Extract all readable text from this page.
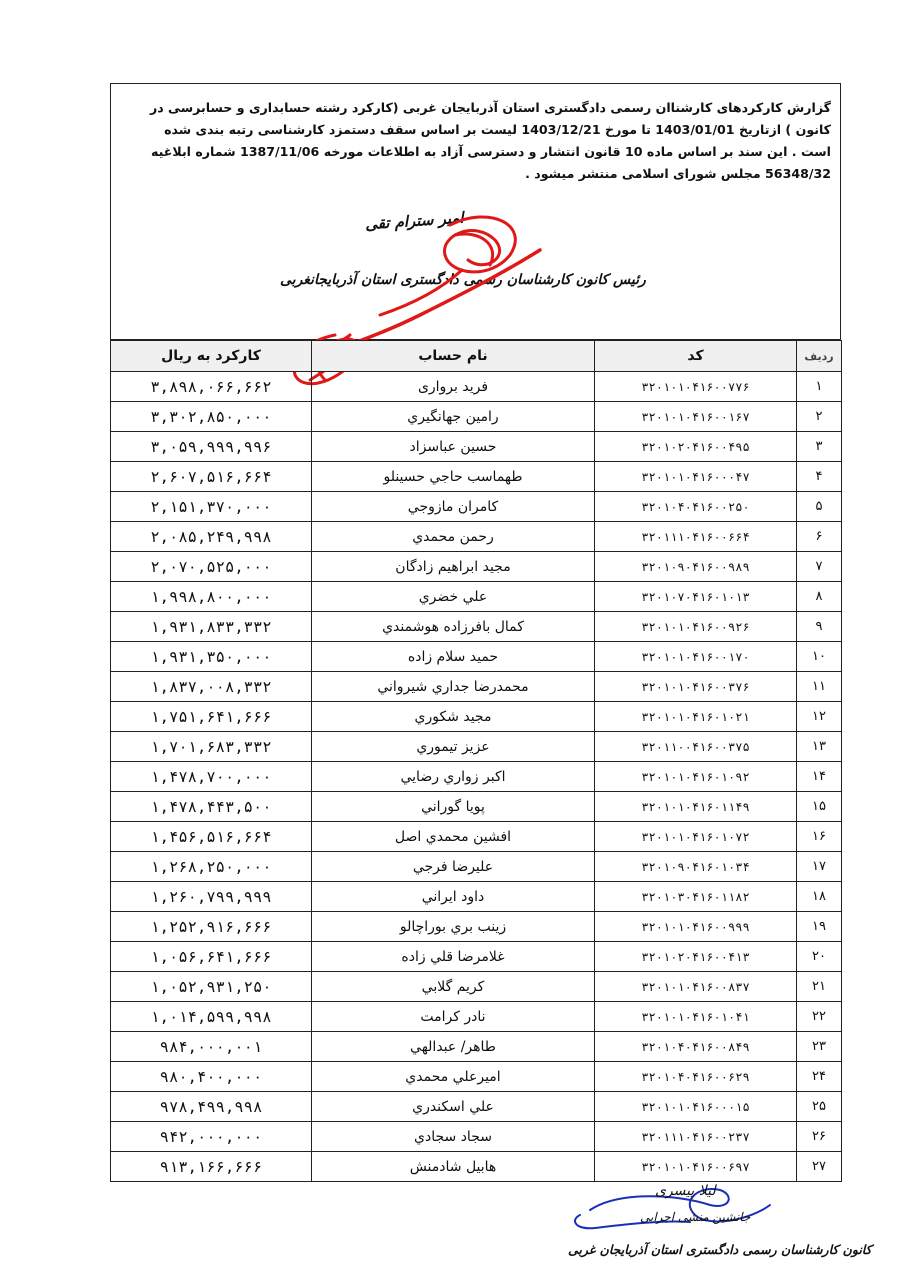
گزارش کارکردهای کارشناان رسمی دادگستری استان آذربایجان غربی (کارکرد رشته حسابداری و حسابرسی در

کانون ) ازتاریخ 1403/01/01 تا مورخ 1403/12/21 لیست بر اساس سقف دستمزد کارشناسی رتبه بندی شده

است . این سند بر اساس ماده 10 قانون انتشار و دسترسی آزاد به اطلاعات مورخه 1387/11/06 شماره ابلاغیه

56348/32 مجلس شورای اسلامی منتشر میشود .

امیر سترام تقی
رئیس کانون کارشناسان رسمی دادگستری استان آذربایجانغربی
کارکرد به ریال	نام حساب	کد	ردیف
۳,۸۹۸,۰۶۶,۶۶۲	فريد بروارى	۳۲۰۱۰۱۰۴۱۶۰۰۷۷۶	۱
۳,۳۰۲,۸۵۰,۰۰۰	رامين جهانگيري	۳۲۰۱۰۱۰۴۱۶۰۰۱۶۷	۲
۳,۰۵۹,۹۹۹,۹۹۶	حسين عباسزاد	۳۲۰۱۰۲۰۴۱۶۰۰۴۹۵	۳
۲,۶۰۷,۵۱۶,۶۶۴	طهماسب حاجي حسينلو	۳۲۰۱۰۱۰۴۱۶۰۰۰۴۷	۴
۲,۱۵۱,۳۷۰,۰۰۰	كامران مازوجي	۳۲۰۱۰۴۰۴۱۶۰۰۲۵۰	۵
۲,۰۸۵,۲۴۹,۹۹۸	رحمن محمدي	۳۲۰۱۱۱۰۴۱۶۰۰۶۶۴	۶
۲,۰۷۰,۵۲۵,۰۰۰	مجيد ابراهيم زادگان	۳۲۰۱۰۹۰۴۱۶۰۰۹۸۹	۷
۱,۹۹۸,۸۰۰,۰۰۰	علي خضري	۳۲۰۱۰۷۰۴۱۶۰۱۰۱۳	۸
۱,۹۳۱,۸۳۳,۳۳۲	كمال بافرزاده هوشمندي	۳۲۰۱۰۱۰۴۱۶۰۰۹۲۶	۹
۱,۹۳۱,۳۵۰,۰۰۰	حميد سلام زاده	۳۲۰۱۰۱۰۴۱۶۰۰۱۷۰	۱۰
۱,۸۳۷,۰۰۸,۳۳۲	محمدرضا جداري شيرواني	۳۲۰۱۰۱۰۴۱۶۰۰۳۷۶	۱۱
۱,۷۵۱,۶۴۱,۶۶۶	مجيد شكوري	۳۲۰۱۰۱۰۴۱۶۰۱۰۲۱	۱۲
۱,۷۰۱,۶۸۳,۳۳۲	عزيز تيموري	۳۲۰۱۱۰۰۴۱۶۰۰۳۷۵	۱۳
۱,۴۷۸,۷۰۰,۰۰۰	اكبر زواري رضايي	۳۲۰۱۰۱۰۴۱۶۰۱۰۹۲	۱۴
۱,۴۷۸,۴۴۳,۵۰۰	پويا گوراني	۳۲۰۱۰۱۰۴۱۶۰۱۱۴۹	۱۵
۱,۴۵۶,۵۱۶,۶۶۴	افشين محمدي اصل	۳۲۰۱۰۱۰۴۱۶۰۱۰۷۲	۱۶
۱,۲۶۸,۲۵۰,۰۰۰	عليرضا فرجي	۳۲۰۱۰۹۰۴۱۶۰۱۰۳۴	۱۷
۱,۲۶۰,۷۹۹,۹۹۹	داود ايراني	۳۲۰۱۰۳۰۴۱۶۰۱۱۸۲	۱۸
۱,۲۵۲,۹۱۶,۶۶۶	زينب بري بوراچالو	۳۲۰۱۰۱۰۴۱۶۰۰۹۹۹	۱۹
۱,۰۵۶,۶۴۱,۶۶۶	غلامرضا قلي زاده	۳۲۰۱۰۲۰۴۱۶۰۰۴۱۳	۲۰
۱,۰۵۲,۹۳۱,۲۵۰	كريم گلابي	۳۲۰۱۰۱۰۴۱۶۰۰۸۳۷	۲۱
۱,۰۱۴,۵۹۹,۹۹۸	نادر كرامت	۳۲۰۱۰۱۰۴۱۶۰۱۰۴۱	۲۲
۹۸۴,۰۰۰,۰۰۱	طاهر/ عبدالهي	۳۲۰۱۰۴۰۴۱۶۰۰۸۴۹	۲۳
۹۸۰,۴۰۰,۰۰۰	اميرعلي محمدي	۳۲۰۱۰۴۰۴۱۶۰۰۶۲۹	۲۴
۹۷۸,۴۹۹,۹۹۸	علي اسكندري	۳۲۰۱۰۱۰۴۱۶۰۰۰۱۵	۲۵
۹۴۲,۰۰۰,۰۰۰	سجاد سجادي	۳۲۰۱۱۱۰۴۱۶۰۰۲۳۷	۲۶
۹۱۳,۱۶۶,۶۶۶	هابيل شادمنش	۳۲۰۱۰۱۰۴۱۶۰۰۶۹۷	۲۷
لیلا پیسری
جانشین منشی اجرایی
کانون کارشناسان رسمی دادگستری استان آذربایجان غربی
